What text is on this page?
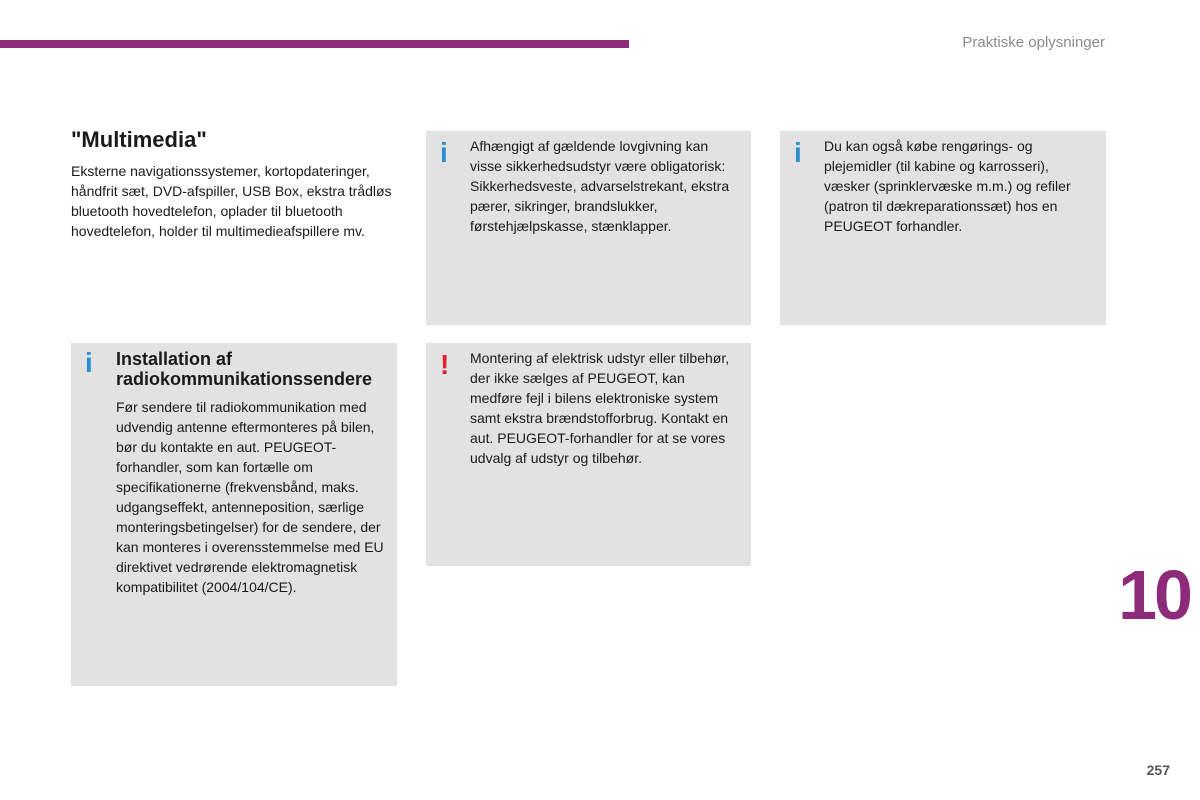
Praktiske oplysninger
"Multimedia"

Eksterne navigationssystemer, kortopdateringer, håndfrit sæt, DVD-afspiller, USB Box, ekstra trådløs bluetooth hovedtelefon, oplader til bluetooth hovedtelefon, holder til multimedieafspillere mv.

i Afhængigt af gældende lovgivning kan visse sikkerhedsudstyr være obligatorisk: Sikkerhedsveste, advarselstrekant, ekstra pærer, sikringer, brandslukker, førstehjælpskasse, stænklapper.

i Du kan også købe rengørings- og plejemidler (til kabine og karrosseri), væsker (sprinklervæske m.m.) og refiler (patron til dækreparationssæt) hos en PEUGEOT forhandler.

i Installation af radiokommunikationssendere

Før sendere til radiokommunikation med udvendig antenne eftermonteres på bilen, bør du kontakte en aut. PEUGEOT-forhandler, som kan fortælle om specifikationerne (frekvensbånd, maks. udgangseffekt, antenneposition, særlige monteringsbetingelser) for de sendere, der kan monteres i overensstemmelse med EU direktivet vedrørende elektromagnetisk kompatibilitet (2004/104/CE).

! Montering af elektrisk udstyr eller tilbehør, der ikke sælges af PEUGEOT, kan medføre fejl i bilens elektroniske system samt ekstra brændstofforbrug. Kontakt en aut. PEUGEOT-forhandler for at se vores udvalg af udstyr og tilbehør.

10
257
